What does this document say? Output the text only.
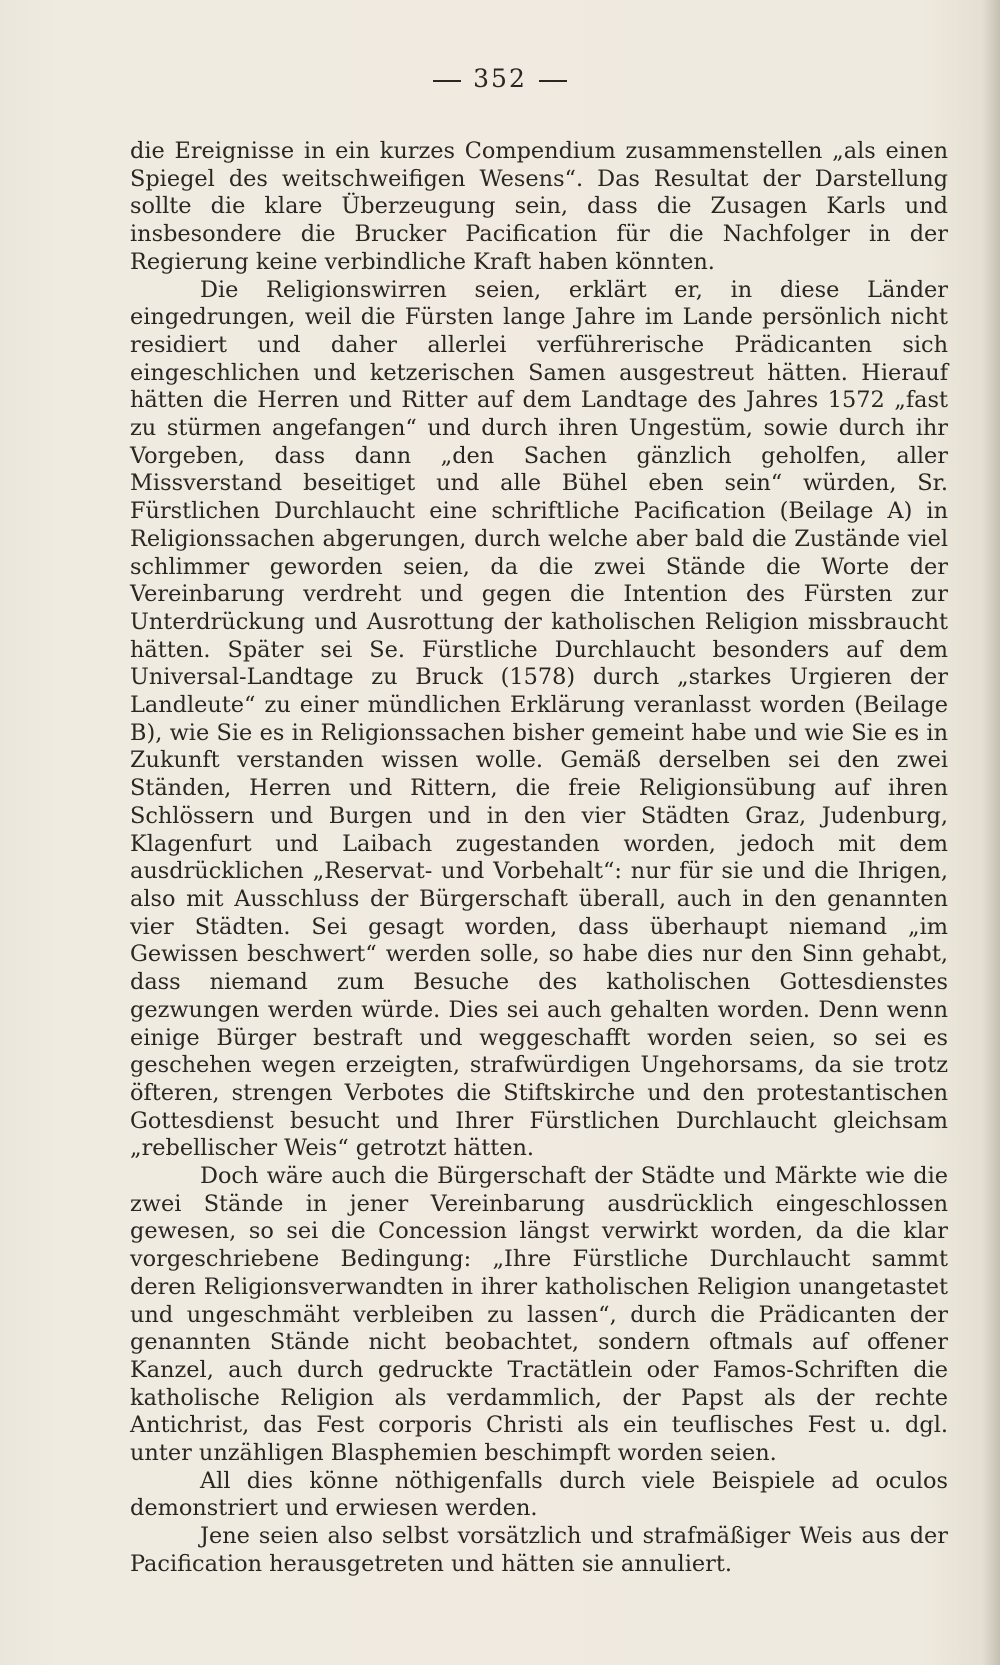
352

die Ereignisse in ein kurzes Compendium zusammenstellen „als einen Spiegel des weitschweifigen Wesens“. Das Resultat der Darstellung sollte die klare Überzeugung sein, dass die Zusagen Karls und insbesondere die Brucker Pacification für die Nachfolger in der Regierung keine verbindliche Kraft haben könnten.

Die Religionswirren seien, erklärt er, in diese Länder eingedrungen, weil die Fürsten lange Jahre im Lande persönlich nicht residiert und daher allerlei verführerische Prädicanten sich eingeschlichen und ketzerischen Samen ausgestreut hätten. Hierauf hätten die Herren und Ritter auf dem Landtage des Jahres 1572 „fast zu stürmen angefangen“ und durch ihren Ungestüm, sowie durch ihr Vorgeben, dass dann „den Sachen gänzlich geholfen, aller Missverstand beseitiget und alle Bühel eben sein“ würden, Sr. Fürstlichen Durchlaucht eine schriftliche Pacification (Beilage A) in Religionssachen abgerungen, durch welche aber bald die Zustände viel schlimmer geworden seien, da die zwei Stände die Worte der Vereinbarung verdreht und gegen die Intention des Fürsten zur Unterdrückung und Ausrottung der katholischen Religion missbraucht hätten. Später sei Se. Fürstliche Durchlaucht besonders auf dem Universal-Landtage zu Bruck (1578) durch „starkes Urgieren der Landleute“ zu einer mündlichen Erklärung veranlasst worden (Beilage B), wie Sie es in Religionssachen bisher gemeint habe und wie Sie es in Zukunft verstanden wissen wolle. Gemäß derselben sei den zwei Ständen, Herren und Rittern, die freie Religionsübung auf ihren Schlössern und Burgen und in den vier Städten Graz, Judenburg, Klagenfurt und Laibach zugestanden worden, jedoch mit dem ausdrücklichen „Reservat- und Vorbehalt“: nur für sie und die Ihrigen, also mit Ausschluss der Bürgerschaft überall, auch in den genannten vier Städten. Sei gesagt worden, dass überhaupt niemand „im Gewissen beschwert“ werden solle, so habe dies nur den Sinn gehabt, dass niemand zum Besuche des katholischen Gottesdienstes gezwungen werden würde. Dies sei auch gehalten worden. Denn wenn einige Bürger bestraft und weggeschafft worden seien, so sei es geschehen wegen erzeigten, strafwürdigen Ungehorsams, da sie trotz öfteren, strengen Verbotes die Stiftskirche und den protestantischen Gottesdienst besucht und Ihrer Fürstlichen Durchlaucht gleichsam „rebellischer Weis“ getrotzt hätten.

Doch wäre auch die Bürgerschaft der Städte und Märkte wie die zwei Stände in jener Vereinbarung ausdrücklich eingeschlossen gewesen, so sei die Concession längst verwirkt worden, da die klar vorgeschriebene Bedingung: „Ihre Fürstliche Durchlaucht sammt deren Religionsverwandten in ihrer katholischen Religion unangetastet und ungeschmäht verbleiben zu lassen“, durch die Prädicanten der genannten Stände nicht beobachtet, sondern oftmals auf offener Kanzel, auch durch gedruckte Tractätlein oder Famos-Schriften die katholische Religion als verdammlich, der Papst als der rechte Antichrist, das Fest corporis Christi als ein teuflisches Fest u. dgl. unter unzähligen Blasphemien beschimpft worden seien.

All dies könne nöthigenfalls durch viele Beispiele ad oculos demonstriert und erwiesen werden.

Jene seien also selbst vorsätzlich und strafmäßiger Weis aus der Pacification herausgetreten und hätten sie annuliert.
